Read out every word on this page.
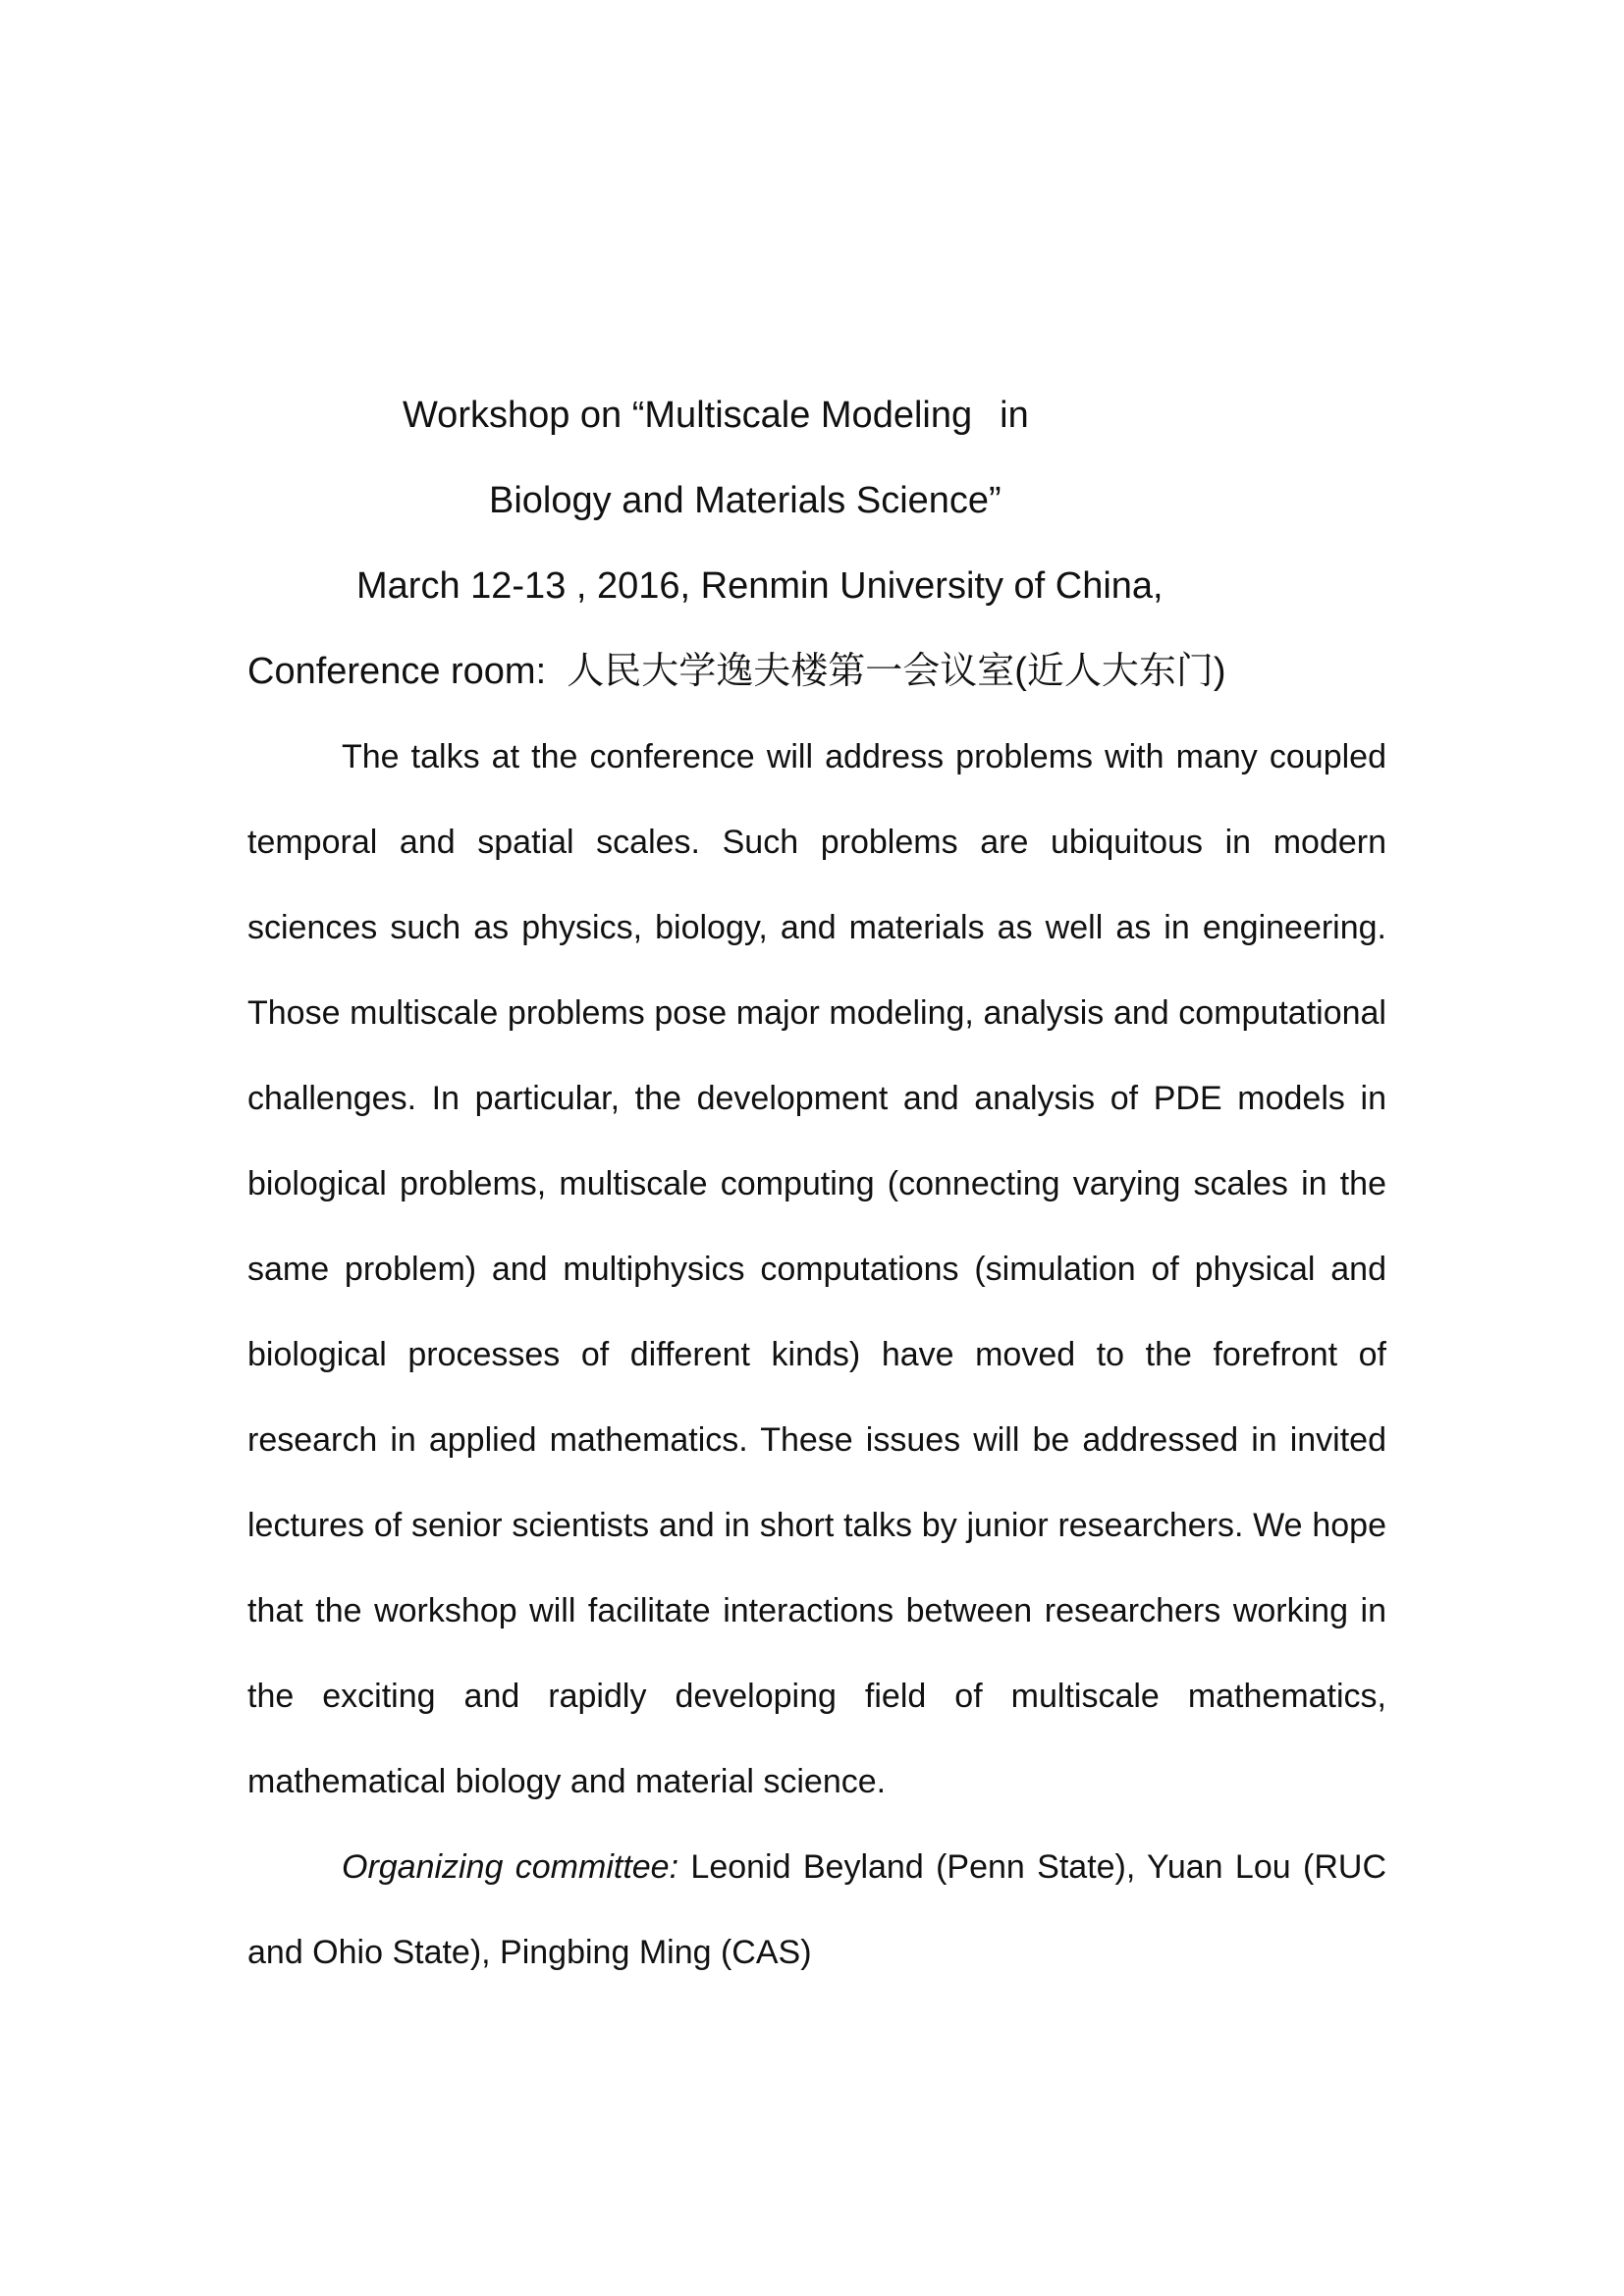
Workshop on “Multiscale Modeling in
Biology and Materials Science”
March 12-13 , 2016, Renmin University of China,
Conference room: 人民大学逸夫楼第一会议室(近人大东门)

The talks at the conference will address problems with many coupled temporal and spatial scales. Such problems are ubiquitous in modern sciences such as physics, biology, and materials as well as in engineering. Those multiscale problems pose major modeling, analysis and computational challenges. In particular, the development and analysis of PDE models in biological problems, multiscale computing (connecting varying scales in the same problem) and multiphysics computations (simulation of physical and biological processes of different kinds) have moved to the forefront of research in applied mathematics. These issues will be addressed in invited lectures of senior scientists and in short talks by junior researchers. We hope that the workshop will facilitate interactions between researchers working in the exciting and rapidly developing field of multiscale mathematics, mathematical biology and material science.

Organizing committee: Leonid Beyland (Penn State), Yuan Lou (RUC and Ohio State), Pingbing Ming (CAS)
